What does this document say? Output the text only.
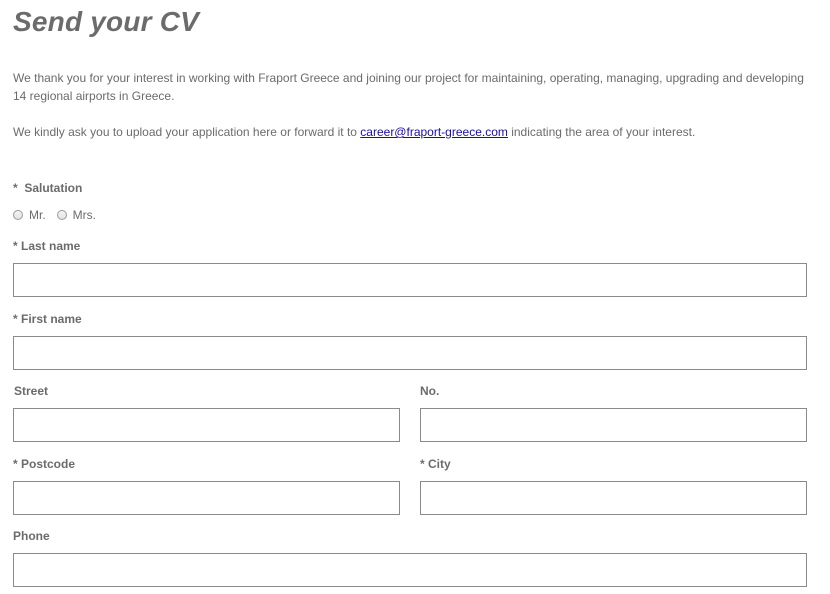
Send your CV
We thank you for your interest in working with Fraport Greece and joining our project for maintaining, operating, managing, upgrading and developing 14 regional airports in Greece.
We kindly ask you to upload your application here or forward it to career@fraport-greece.com indicating the area of your interest.
*  Salutation
Mr. Mrs.
* Last name
* First name
Street	No.
* Postcode	* City
Phone
